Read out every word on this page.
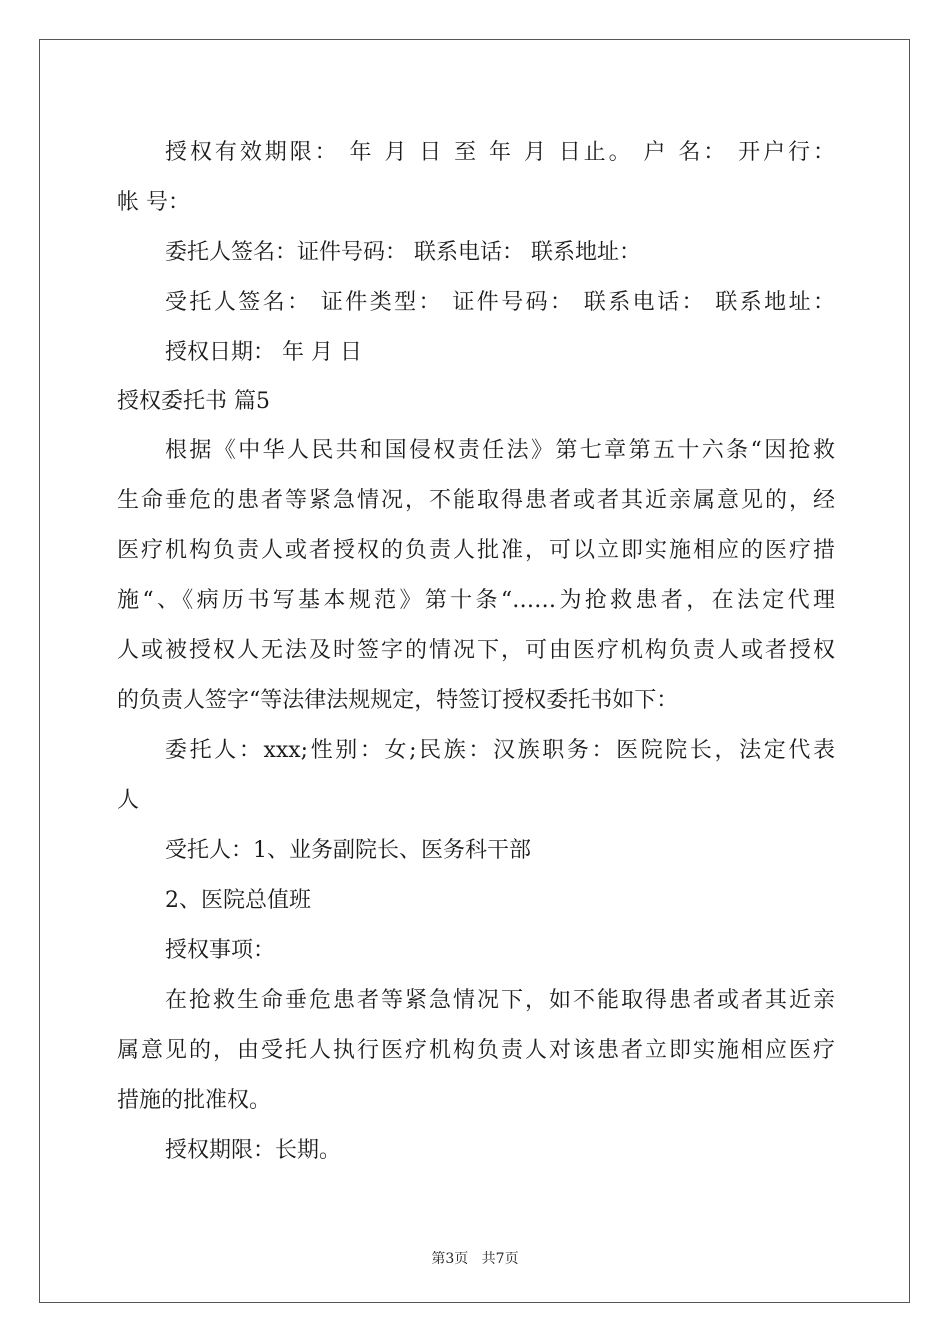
授权有效期限： 年 月 日 至 年 月 日止。 户 名： 开户行：
帐 号：
委托人签名：证件号码： 联系电话： 联系地址：
受托人签名： 证件类型： 证件号码： 联系电话： 联系地址：
授权日期： 年 月 日
授权委托书 篇5
根据《中华人民共和国侵权责任法》第七章第五十六条“因抢救
生命垂危的患者等紧急情况，不能取得患者或者其近亲属意见的，经
医疗机构负责人或者授权的负责人批准，可以立即实施相应的医疗措
施“、《病历书写基本规范》第十条“……为抢救患者，在法定代理
人或被授权人无法及时签字的情况下，可由医疗机构负责人或者授权
的负责人签字“等法律法规规定，特签订授权委托书如下：
委托人：xxx;性别：女;民族：汉族职务：医院院长，法定代表
人
受托人：1、业务副院长、医务科干部
2、医院总值班
授权事项：
在抢救生命垂危患者等紧急情况下，如不能取得患者或者其近亲
属意见的，由受托人执行医疗机构负责人对该患者立即实施相应医疗
措施的批准权。
授权期限：长期。
第3页 共7页
